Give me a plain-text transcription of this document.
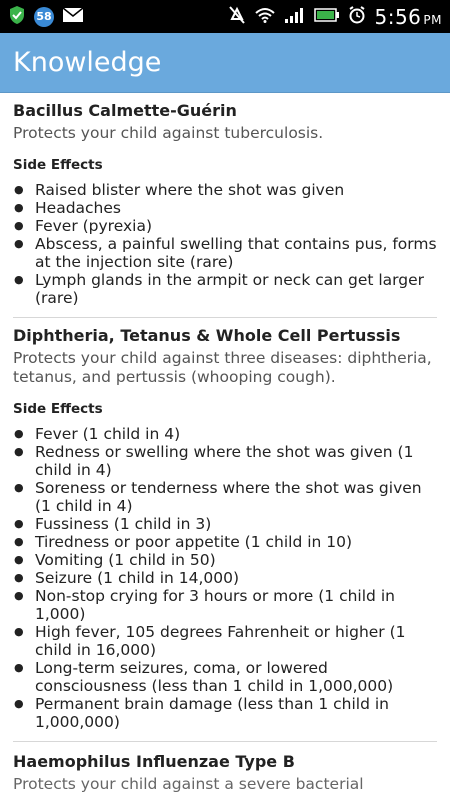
58	5:56 PM
Knowledge
Bacillus Calmette-Guérin
Protects your child against tuberculosis.
Side Effects
● Raised blister where the shot was given
● Headaches
● Fever (pyrexia)
● Abscess, a painful swelling that contains pus, forms at the injection site (rare)
● Lymph glands in the armpit or neck can get larger (rare)
Diphtheria, Tetanus & Whole Cell Pertussis
Protects your child against three diseases: diphtheria, tetanus, and pertussis (whooping cough).
Side Effects
● Fever (1 child in 4)
● Redness or swelling where the shot was given (1 child in 4)
● Soreness or tenderness where the shot was given (1 child in 4)
● Fussiness (1 child in 3)
● Tiredness or poor appetite (1 child in 10)
● Vomiting (1 child in 50)
● Seizure (1 child in 14,000)
● Non-stop crying for 3 hours or more (1 child in 1,000)
● High fever, 105 degrees Fahrenheit or higher (1 child in 16,000)
● Long-term seizures, coma, or lowered consciousness (less than 1 child in 1,000,000)
● Permanent brain damage (less than 1 child in 1,000,000)
Haemophilus Influenzae Type B
Protects your child against a severe bacterial
